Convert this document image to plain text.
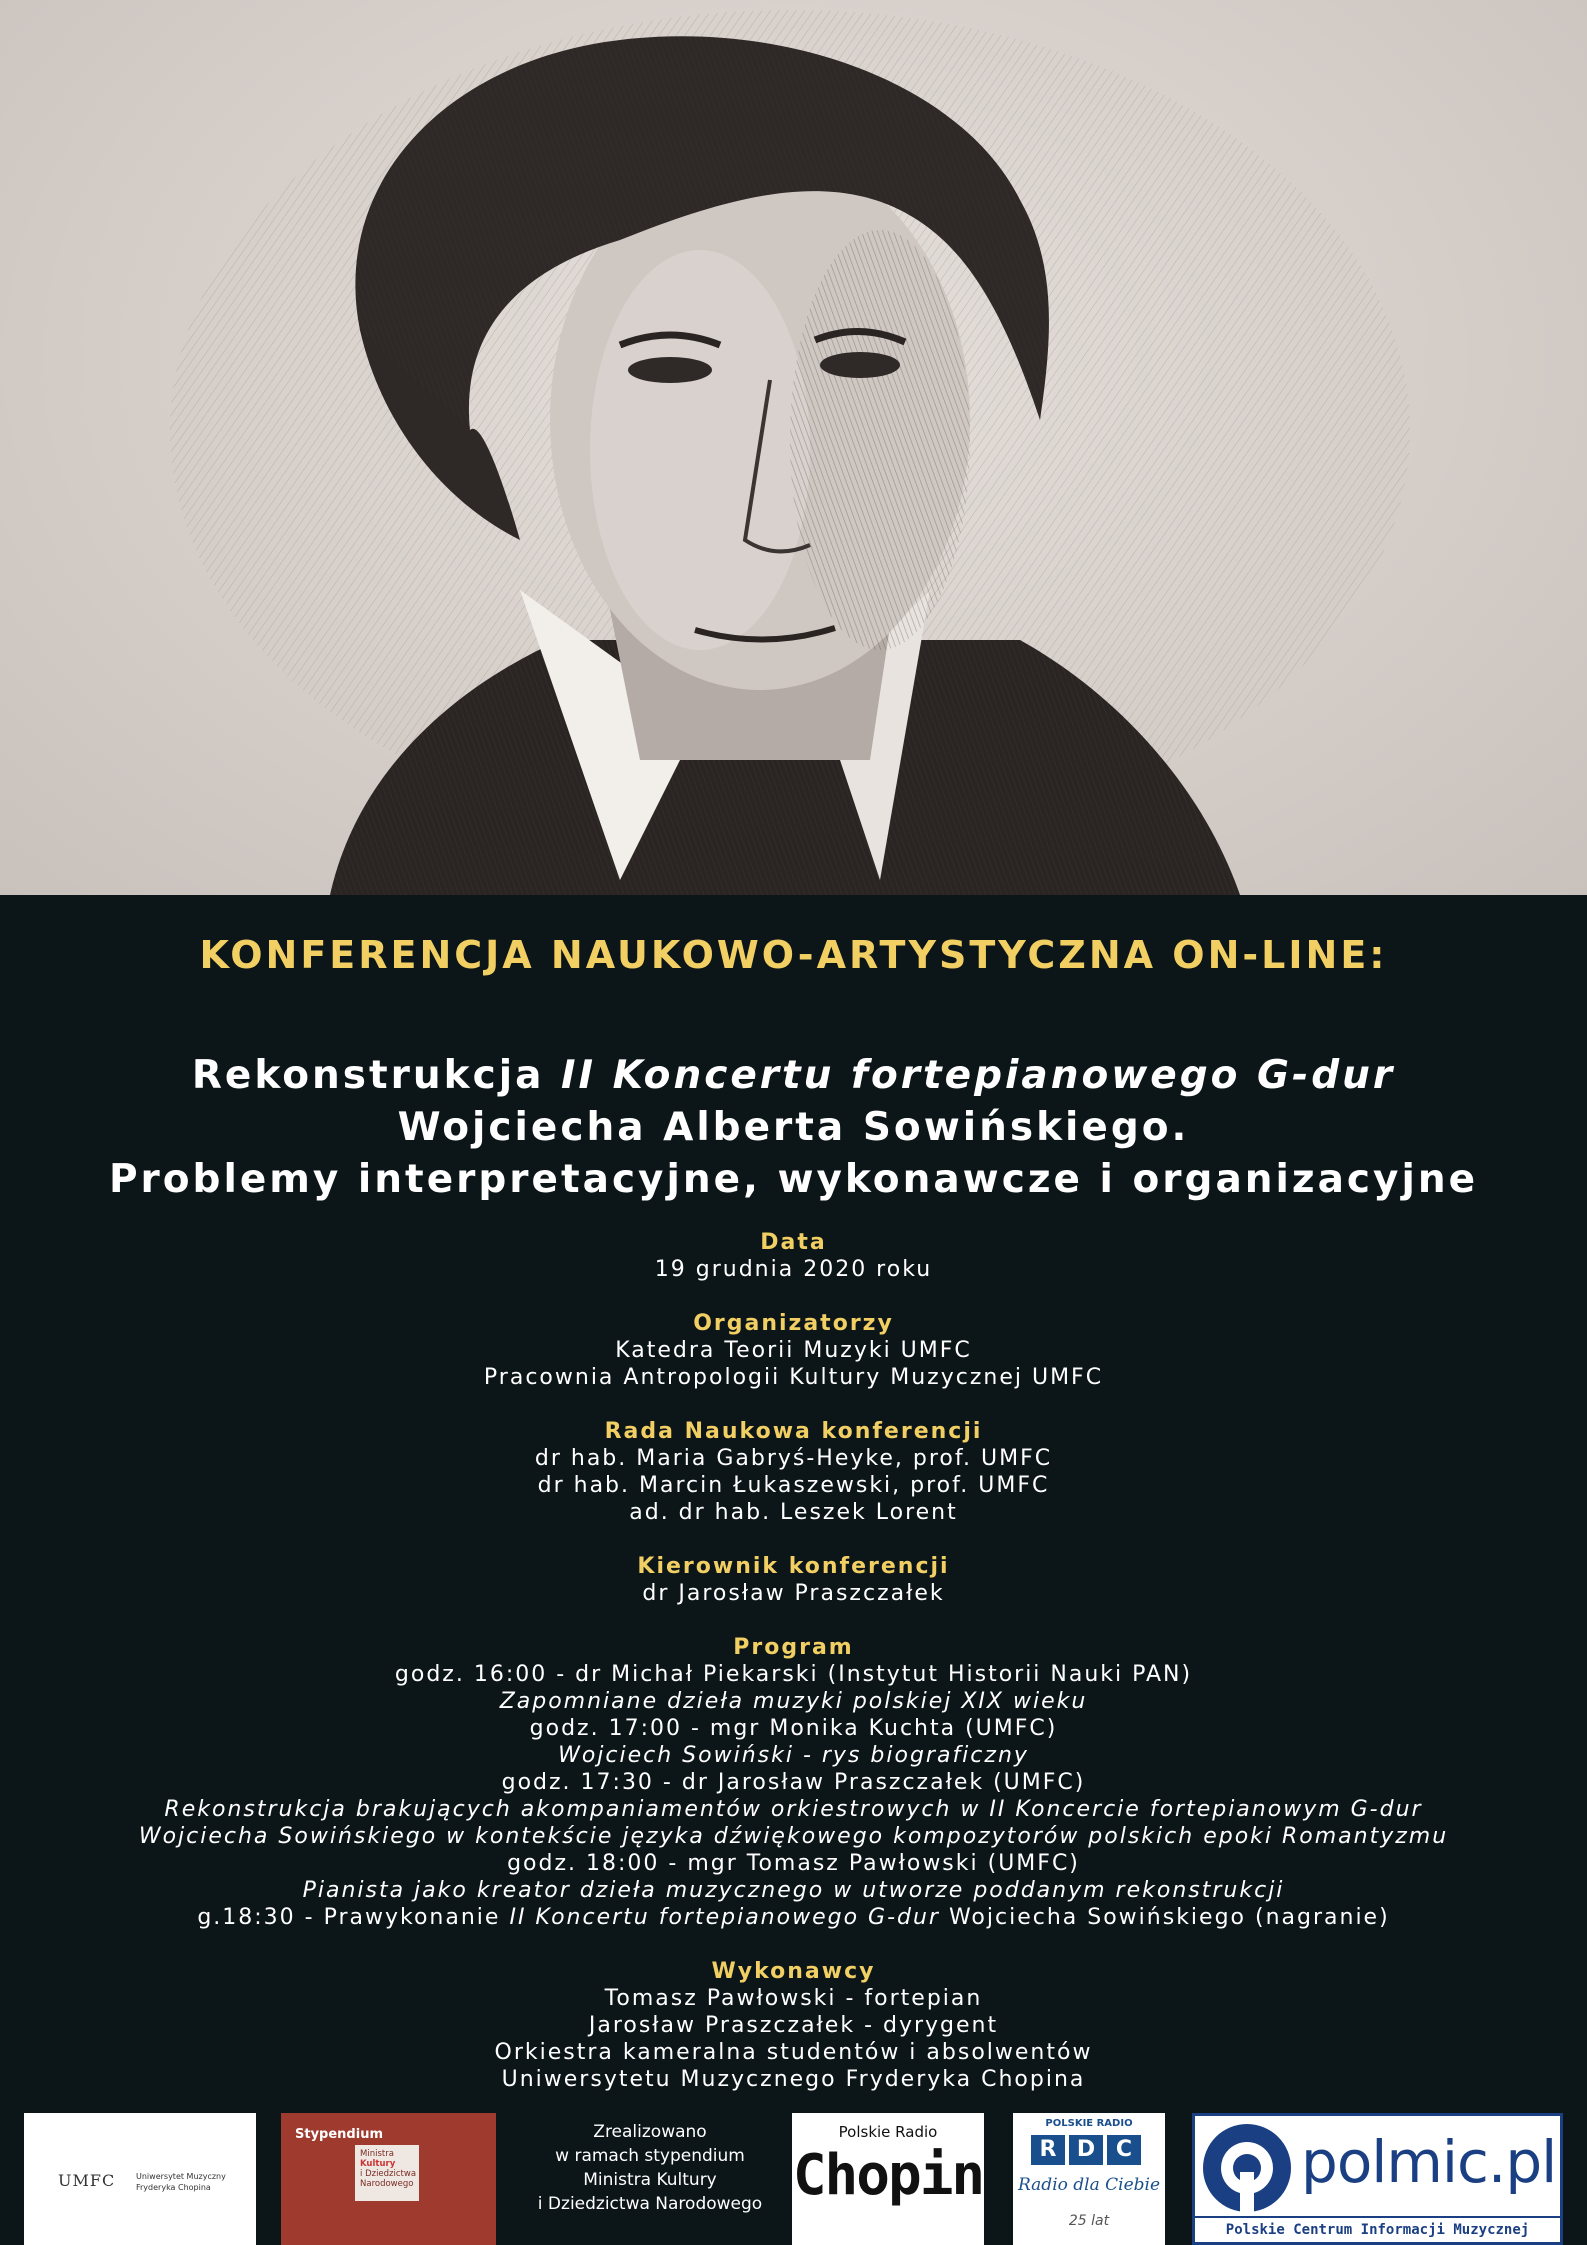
KONFERENCJA NAUKOWO-ARTYSTYCZNA ON-LINE:
Rekonstrukcja II Koncertu fortepianowego G-dur
Wojciecha Alberta Sowińskiego.
Problemy interpretacyjne, wykonawcze i organizacyjne
Data
19 grudnia 2020 roku
Organizatorzy
Katedra Teorii Muzyki UMFC
Pracownia Antropologii Kultury Muzycznej UMFC
Rada Naukowa konferencji
dr hab. Maria Gabryś-Heyke, prof. UMFC
dr hab. Marcin Łukaszewski, prof. UMFC
ad. dr hab. Leszek Lorent
Kierownik konferencji
dr Jarosław Praszczałek
Program
godz. 16:00 - dr Michał Piekarski (Instytut Historii Nauki PAN)
Zapomniane dzieła muzyki polskiej XIX wieku
godz. 17:00 - mgr Monika Kuchta (UMFC)
Wojciech Sowiński - rys biograficzny
godz. 17:30 - dr Jarosław Praszczałek (UMFC)
Rekonstrukcja brakujących akompaniamentów orkiestrowych w II Koncercie fortepianowym G-dur
Wojciecha Sowińskiego w kontekście języka dźwiękowego kompozytorów polskich epoki Romantyzmu
godz. 18:00 - mgr Tomasz Pawłowski (UMFC)
Pianista jako kreator dzieła muzycznego w utworze poddanym rekonstrukcji
g.18:30 - Prawykonanie II Koncertu fortepianowego G-dur Wojciecha Sowińskiego (nagranie)
Wykonawcy
Tomasz Pawłowski - fortepian
Jarosław Praszczałek - dyrygent
Orkiestra kameralna studentów i absolwentów
Uniwersytetu Muzycznego Fryderyka Chopina
UMFC	Uniwersytet Muzyczny
Fryderyka Chopina
Stypendium
Ministra
Kultury
i Dziedzictwa
Narodowego
Zrealizowano
w ramach stypendium
Ministra Kultury
i Dziedzictwa Narodowego
Polskie Radio
Chopin
POLSKIE RADIO
R D C
Radio dla Ciebie
25 lat
polmic.pl
Polskie Centrum Informacji Muzycznej
